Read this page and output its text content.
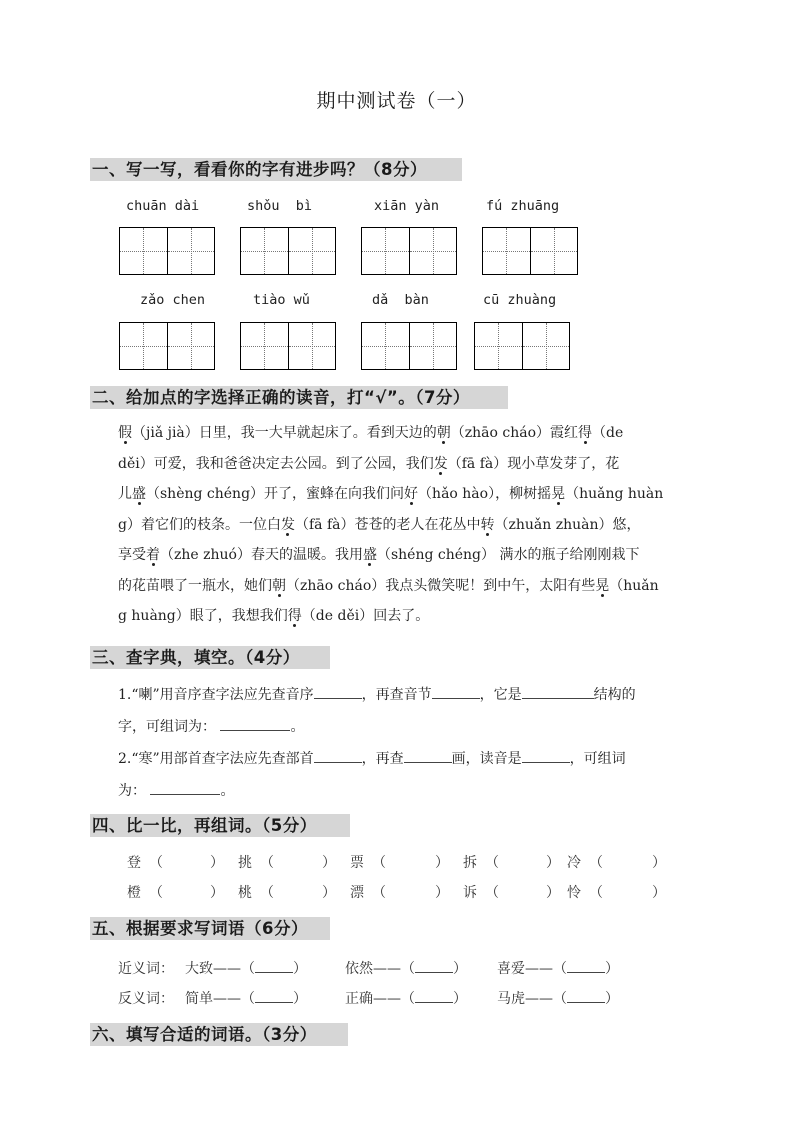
期中测试卷（一）
一、写一写，看看你的字有进步吗？（8分）
chuān dài	shǒu  bì	xiān yàn	fú zhuāng
zǎo chen	tiào wǔ	dǎ  bàn	cū zhuàng
二、给加点的字选择正确的读音，打“√”。（7分）
假（jiǎ jià）日里，我一大早就起床了。看到天边的朝（zhāo cháo）霞红得（de
děi）可爱，我和爸爸决定去公园。到了公园，我们发（fā fà）现小草发芽了，花
儿盛（shèng chéng）开了，蜜蜂在向我们问好（hǎo hào），柳树摇晃（huǎng huàn
g）着它们的枝条。一位白发（fā fà）苍苍的老人在花丛中转（zhuǎn zhuàn）悠，
享受着（zhe zhuó）春天的温暖。我用盛（shéng chéng） 满水的瓶子给刚刚栽下
的花苗喂了一瓶水，她们朝（zhāo cháo）我点头微笑呢！到中午，太阳有些晃（huǎn
g huàng）眼了，我想我们得（de děi）回去了。
三、查字典，填空。（4分）
1.“喇”用音序查字法应先查音序	，再查音节	，它是	结构的
字，可组词为：	。
2.“寒”用部首查字法应先查部首	，再查	画，读音是	，可组词
为：	。
四、比一比，再组词。（5分）
登 （	） 挑 （	） 票 （	） 拆 （	） 冷 （	）
橙 （	） 桃 （	） 漂 （	） 诉 （	） 怜 （	）
五、根据要求写词语（6分）
近义词： 大致——（	）	依然——（	） 喜爱——（	）
反义词： 简单——（	）	正确——（	） 马虎——（	）
六、填写合适的词语。（3分）
